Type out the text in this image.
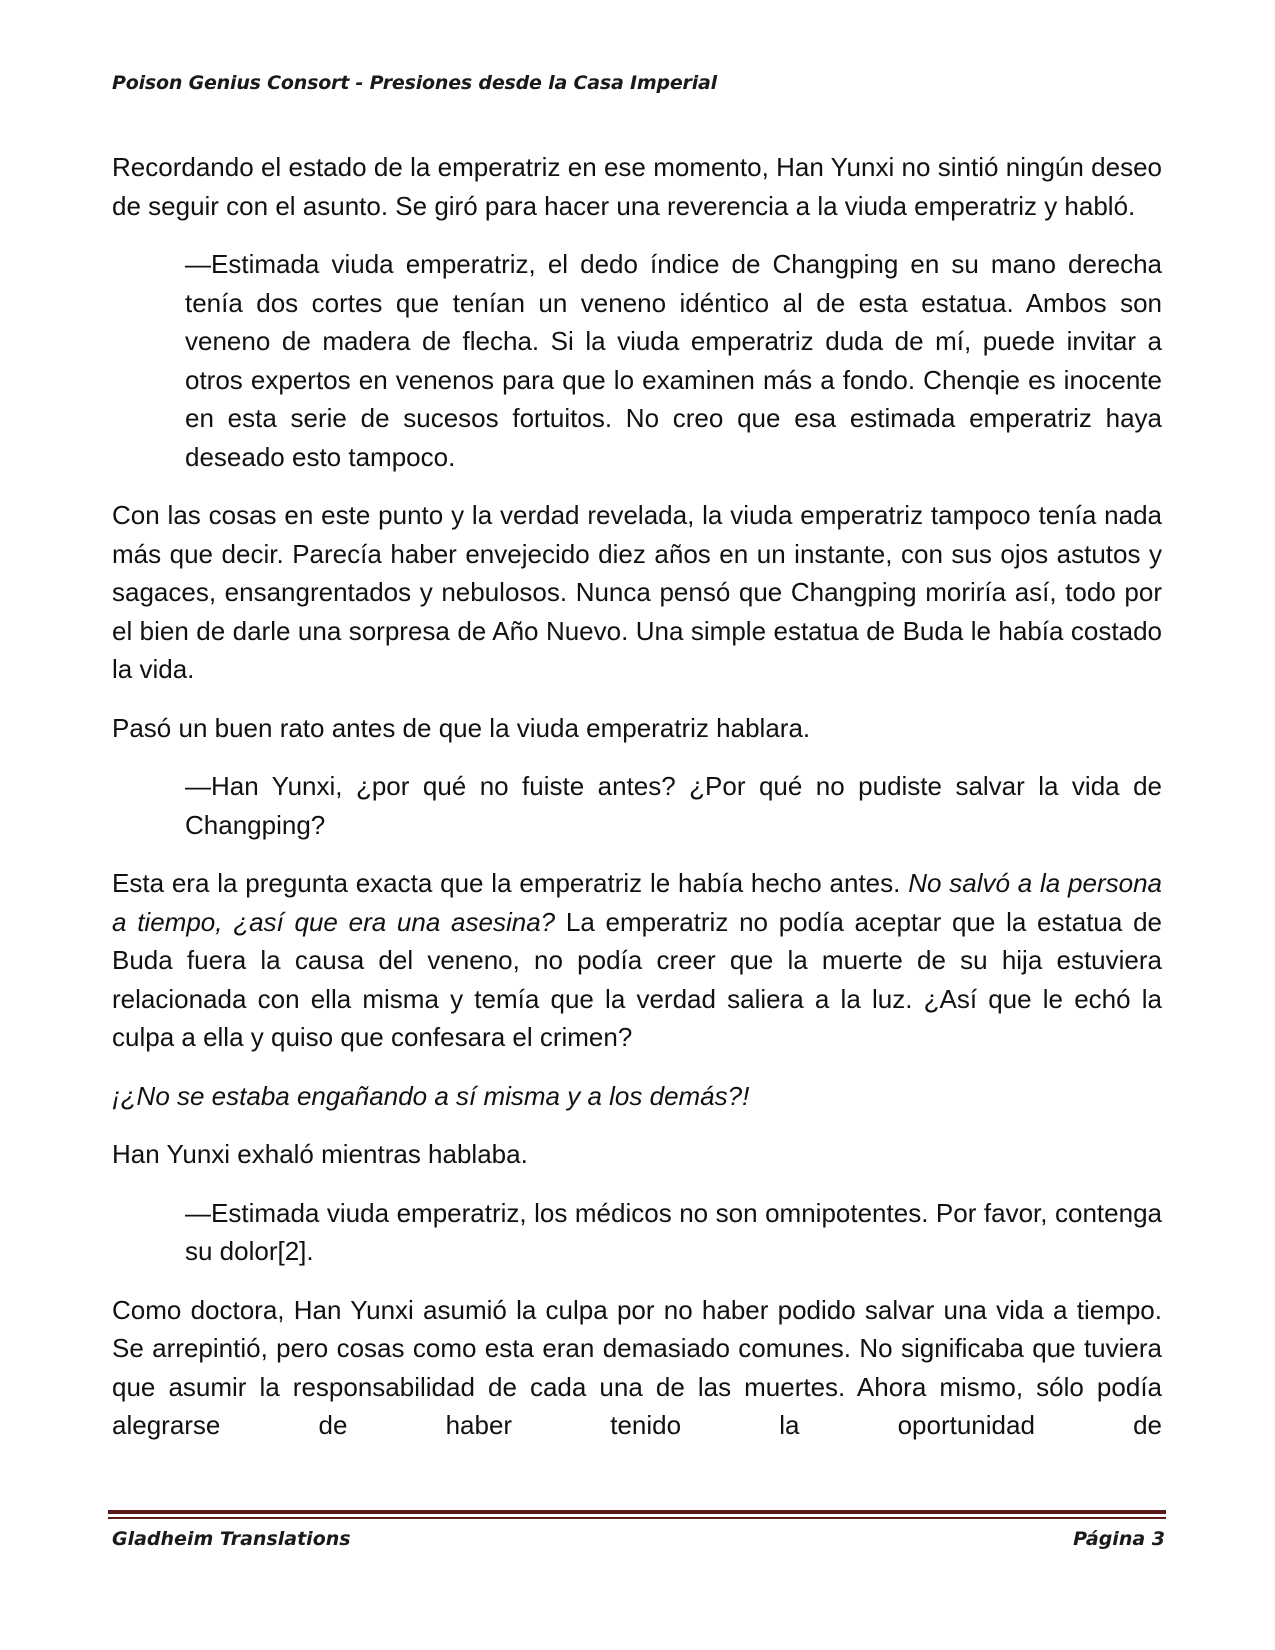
Poison Genius Consort - Presiones desde la Casa Imperial

Recordando el estado de la emperatriz en ese momento, Han Yunxi no sintió ningún deseo de seguir con el asunto. Se giró para hacer una reverencia a la viuda emperatriz y habló.

—Estimada viuda emperatriz, el dedo índice de Changping en su mano derecha tenía dos cortes que tenían un veneno idéntico al de esta estatua. Ambos son veneno de madera de flecha. Si la viuda emperatriz duda de mí, puede invitar a otros expertos en venenos para que lo examinen más a fondo. Chenqie es inocente en esta serie de sucesos fortuitos. No creo que esa estimada emperatriz haya deseado esto tampoco.

Con las cosas en este punto y la verdad revelada, la viuda emperatriz tampoco tenía nada más que decir. Parecía haber envejecido diez años en un instante, con sus ojos astutos y sagaces, ensangrentados y nebulosos. Nunca pensó que Changping moriría así, todo por el bien de darle una sorpresa de Año Nuevo. Una simple estatua de Buda le había costado la vida.

Pasó un buen rato antes de que la viuda emperatriz hablara.

—Han Yunxi, ¿por qué no fuiste antes? ¿Por qué no pudiste salvar la vida de Changping?

Esta era la pregunta exacta que la emperatriz le había hecho antes. No salvó a la persona a tiempo, ¿así que era una asesina? La emperatriz no podía aceptar que la estatua de Buda fuera la causa del veneno, no podía creer que la muerte de su hija estuviera relacionada con ella misma y temía que la verdad saliera a la luz. ¿Así que le echó la culpa a ella y quiso que confesara el crimen?

¡¿No se estaba engañando a sí misma y a los demás?!

Han Yunxi exhaló mientras hablaba.

—Estimada viuda emperatriz, los médicos no son omnipotentes. Por favor, contenga su dolor[2].

Como doctora, Han Yunxi asumió la culpa por no haber podido salvar una vida a tiempo. Se arrepintió, pero cosas como esta eran demasiado comunes. No significaba que tuviera que asumir la responsabilidad de cada una de las muertes. Ahora mismo, sólo podía alegrarse de haber tenido la oportunidad de

Gladheim Translations	Página 3
